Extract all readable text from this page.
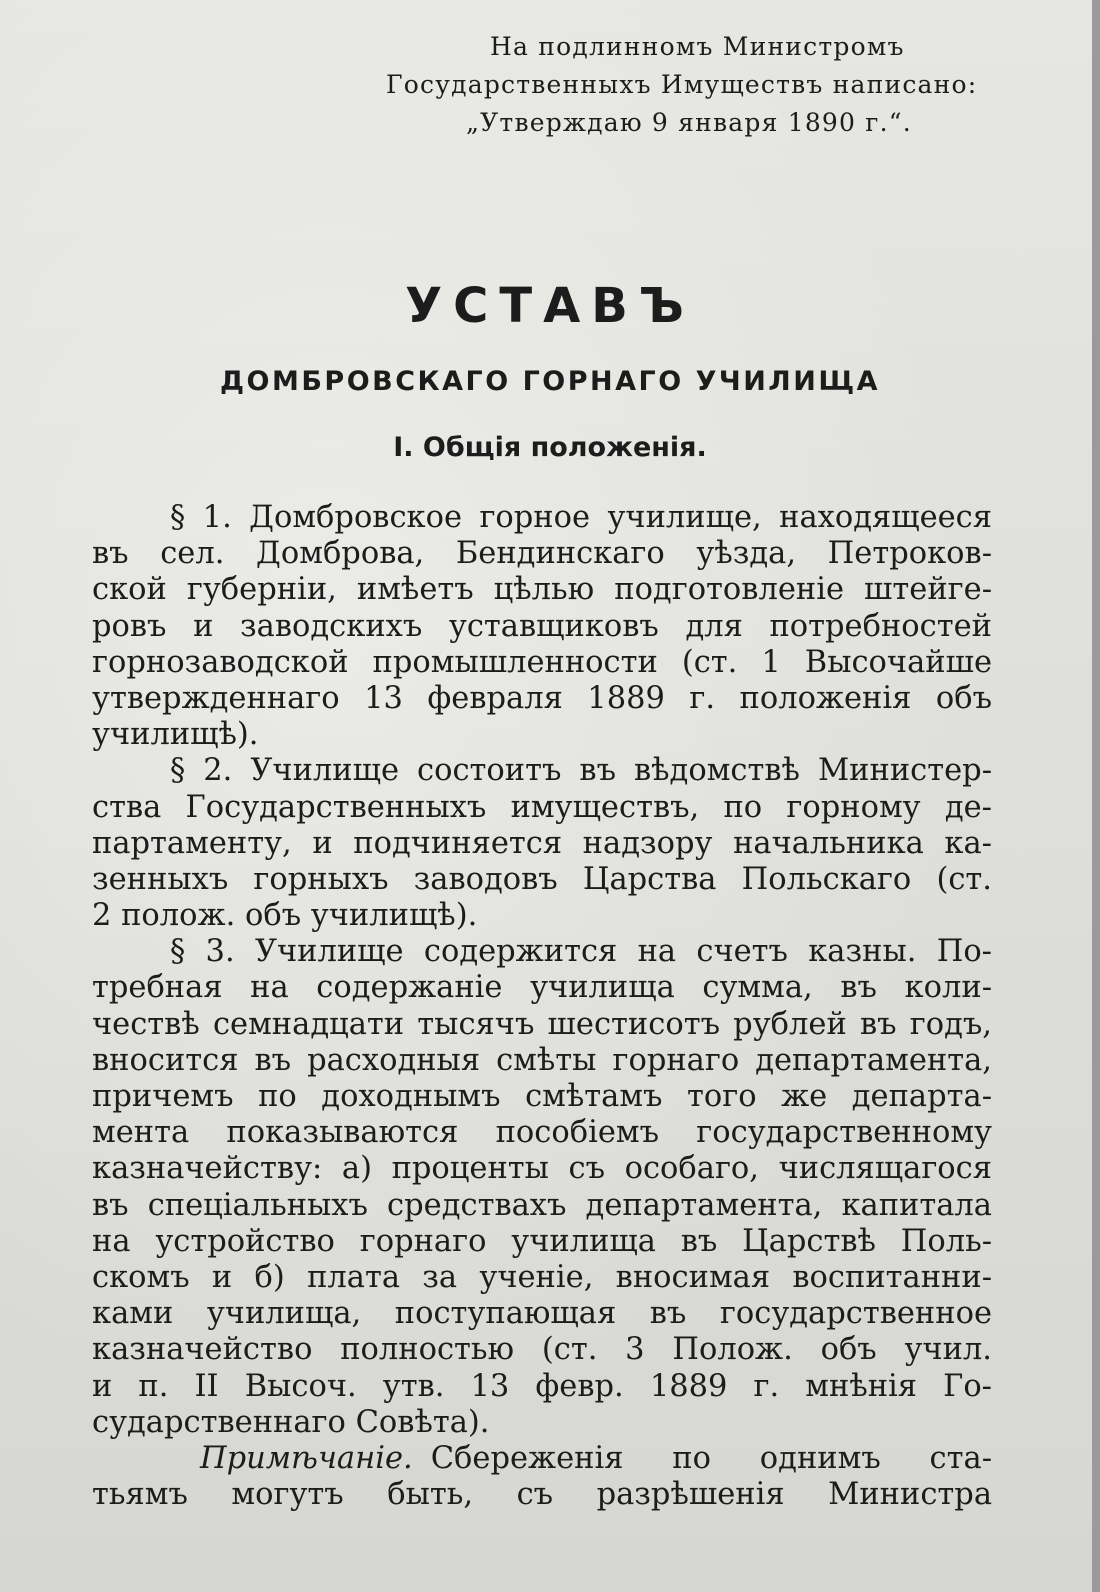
На подлинномъ Министромъ
Государственныхъ Имуществъ написано:
„Утверждаю 9 января 1890 г.“.
УСТАВЪ
ДОМБРОВСКАГО ГОРНАГО УЧИЛИЩА
I. Общія положенія.
§ 1. Домбровское горное училище, находящееся
въ сел. Домброва, Бендинскаго уѣзда, Петроков-
ской губерніи, имѣетъ цѣлью подготовленіе штейге-
ровъ и заводскихъ уставщиковъ для потребностей
горнозаводской промышленности (ст. 1 Высочайше
утвержденнаго 13 февраля 1889 г. положенія объ
училищѣ).
§ 2. Училище состоитъ въ вѣдомствѣ Министер-
ства Государственныхъ имуществъ, по горному де-
партаменту, и подчиняется надзору начальника ка-
зенныхъ горныхъ заводовъ Царства Польскаго (ст.
2 полож. объ училищѣ).
§ 3. Училище содержится на счетъ казны. По-
требная на содержаніе училища сумма, въ коли-
чествѣ семнадцати тысячъ шестисотъ рублей въ годъ,
вносится въ расходныя смѣты горнаго департамента,
причемъ по доходнымъ смѣтамъ того же департа-
мента показываются пособіемъ государственному
казначейству: а) проценты съ особаго, числящагося
въ спеціальныхъ средствахъ департамента, капитала
на устройство горнаго училища въ Царствѣ Поль-
скомъ и б) плата за ученіе, вносимая воспитанни-
ками училища, поступающая въ государственное
казначейство полностью (ст. 3 Полож. объ учил.
и п. II Высоч. утв. 13 февр. 1889 г. мнѣнія Го-
сударственнаго Совѣта).
Примѣчаніе. Сбереженія по однимъ ста-
тьямъ могутъ быть, съ разрѣшенія Министра
